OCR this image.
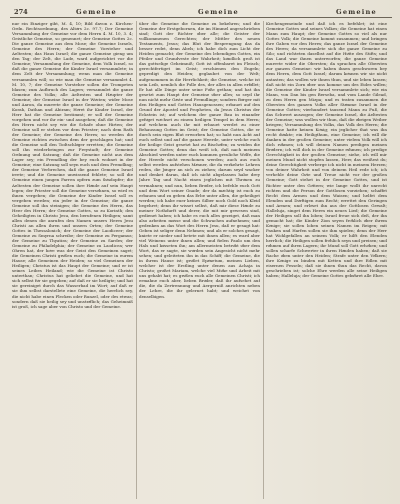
274	Gemeine	Gemeine	Gemeine
nur ein Einziger gibt, M. 4, 10; Bild davon z. Kirchen-Ordn. Rechtsordnung, des Altaͤrs 2c. 97.7; Der Gemeine Versammlung der Gemeine vor dem Herrn 4. M. 10, 3. 4; Geistliche Gemeine, so genennet; der Gemeine Gottes 2c. Die ganze Gemeine aus dem Mose; die Gemeine Israels, Gemeine des Herrn; der Gemeine Vorsteher und Aeltesten; das Haus Israel; die ganze Gemeine gieng um den Tag; der Zelt, die Lade, ward aufgerichtet vor die Gemeine; Versammlung der Gemeine, dem Volk Israel, so daß die ganze Gemeine die Kinder Israel versammlete; in dem Zelt der Versammlung; wenn man die Gemeine versammlen will; so wie man die Gemeine versammlet 4. M. 10, 7; der Gemeine Vorsteher sollen die Trompeten blasen; zum Aufbruch des Lagers; versammlet die ganze Gemeine des Volks; alle Aeltesten und Haͤupter der Gemeine; der Gemeine Israel in der Wuͤsten; wider Mose und Aaron, da murrete die ganze Gemeine; der Gemeine Korah, Dathan und Abiram; Hoͤret ihr Kinder Israel, der Herr hat die Gemeine bestimmt; er soll der Gemeine vorgehen und vor ihr ein- und ausgehen; daß die Gemeine des Herrn nicht sey wie die Schafe ohne Hirten; der Gemeine soll er stehen vor dem Priester; nach dem Rath der Gemeine; der Gemeine des Herrn; so werden die Gemeine richten zwischen dem der geschlagen hat; und die Gemeine soll den Todtschlaͤger erretten; die Gemeine soll ihn wiederbringen zur Freystadt; der Gemeine Ordnung und Satzung; daß die Gemeine nicht aus dem Lager sey; ein Fremdling der bey euch wohnet in der Gemeine; eine Satzung soll seyn euch und dem Fremdling; der Gemeine Verbrechen, daß die ganze Gemeine Israel irrete; und die Gemeine unwissend fehlete; so soll die Gemeine einen jungen Farren opfern zum Suͤndopfer; die Aeltesten der Gemeine sollen ihre Haͤnde auf sein Haupt legen; der Priester soll die Gemeine versoͤhnen, so wird es ihnen vergeben; die Gemeine der Kinder Israel soll es vergeben werden; ein jeder in der Gemeine; die ganze Gemeine soll ihn steinigen; die Gemeine des Herrn, das Heer des Herrn; der Gemeine Gottes, so zu Korinth; den Geheiligten in Christo Jesu, den berufenen Heiligen; samt allen denen die anrufen den Namen unsers Herrn Jesu Christi an allen ihren und unsern Orten; der Gemeine Gottes in Thessalonich; der Gemeine der Laodiceer; der Gemeine zu Smyrna schreibe; der Gemeine zu Pergamus; der Gemeine zu Thyatira; der Gemeine zu Sardes; der Gemeine zu Philadelphia; der Gemeine zu Laodicea; wer Ohren hat, der hoͤre was der Geist den Gemeinen saget; die Gemeinen Christi gruͤßen euch; die Gemeine in eurem Hause; alle Gemeinen der Heiden; so viel Gemeinen der Heiligen; Christus ist das Haupt der Gemeine; und er ist seines Leibes Heiland; wie die Gemeine ist Christo unterthan; Christus hat geliebet die Gemeine, und hat sich selbst fuͤr sie gegeben; auf daß er sie heiligte; und hat sie gereiniget durch das Wasserbad im Wort; auf daß er sie ihm selbst darstellete eine Gemeine, die herrlich sey, die nicht habe einen Flecken oder Runzel, oder des etwas; sondern daß sie heilig sey und unstraͤflich; das Geheimniß ist groß, ich sage aber von Christo und der Gemeine.
über die Gemeine die Gemeine zu bekehren; und die Gemeine der Erstgebornen, die im Himmel angeschrieben sind; Gott der Richter uͤber alle; die Geister der vollkommenen Gerechten; der Mittler des neuen Testaments, Jesus; das Blut der Besprengung das da besser redet, denn Abels; ich habe dich zum Licht der Heiden gemacht; der Gemeine des lebendigen Gottes, ein Pfeiler und Grundveste der Wahrheit; kuͤndlich groß ist das gottselige Geheimniß; Gott ist offenbaret im Fleisch; gerechtfertiget im Geist; erschienen den Engeln; gepredigt den Heiden; geglaubet von der Welt; aufgenommen in die Herrlichkeit; die Gemeine, welche ist sein Leib, nemlich die Fuͤlle des, der alles in allen erfuͤllet; Er hat alle Dinge unter seine Fuͤße gethan; und hat ihn gesetzt zum Haupt der Gemeine uͤber alles; so seyd ihr nun nicht mehr Gaͤste und Fremdlinge; sondern Buͤrger mit den Heiligen und Gottes Hausgenossen; erbauet auf den Grund der Apostel und Propheten, da Jesus Christus der Eckstein ist; auf welchem der ganze Bau in einander gefuͤget waͤchset zu einem heiligen Tempel in dem Herrn; auf welchem auch ihr mit erbauet werdet zu einer Behausung Gottes im Geist; der Gemeine Gottes, die er durch sein eigen Blut erworben hat; so habt nun Acht auf euch selbst und auf die ganze Heerde, unter welche euch der heilige Geist gesetzt hat zu Bischoͤfen; zu weiden die Gemeine Gottes; denn das weiß ich, daß nach meinem Abschied werden unter euch kommen greuliche Woͤlfe, die der Heerde nicht verschonen werden; auch aus euch selbst werden aufstehen Maͤnner, die da verkehrte Lehren reden, die Juͤnger an sich zu ziehen; darum seyd wacker und denket daran, daß ich nicht abgelassen habe drey Jahre Tag und Nacht einen jeglichen mit Thraͤnen zu vermahnen; und nun, lieben Bruͤder, ich befehle euch Gott und dem Wort seiner Gnade; der da maͤchtig ist euch zu erbauen und zu geben das Erbe unter allen, die geheiliget werden; ich habe euer keines Silber noch Gold noch Kleid begehret; denn ihr wisset selbst, daß mir diese Haͤnde zu meiner Nothdurft und derer, die mit mir gewesen sind, gedienet haben; ich habe es euch alles gezeiget, daß man also arbeiten muͤsse und die Schwachen aufnehmen; und gedenken an das Wort des Herrn Jesu, daß er gesagt hat: Geben ist seliger denn Nehmen; und als er solches gesagt, kniete er nieder und betete mit ihnen allen; es ward aber viel Weinens unter ihnen allen; und fielen Paulo um den Hals und kuͤsseten ihn; am allermeisten betruͤbt uͤber dem Wort, das er sagte, sie wuͤrden sein Angesicht nicht mehr sehen; und geleiteten ihn in das Schiff; die Gemeine, die in ihrem Hause ist; gruͤßet Epaͤnetum, meinen Lieben, welcher ist der Erstling unter denen aus Achaja in Christo; gruͤßet Mariam, welche viel Muͤhe und Arbeit mit uns gehabt hat; es gruͤßen euch alle Gemeinen Christi; ich ermahne euch aber, lieben Bruͤder, daß ihr aufsehet auf die, die da Zertrennung und Aergerniß anrichten neben der Lehre, die ihr gelernet habt; und weichet von denselbigen.
Kirchengemeinde und daß ich es befehlet; ist eine Gemeine Gottes und seines Volkes; die Gemeine hat einen Mann zum Haupt; der Gemeine Gottes so viel als nur Gottes Volk; die Gemeine kommt zusammen; und bringen ihre Gaben vor den Herrn; das ganze Israel der Gemeine des Herrn; da versammlete sich die ganze Gemeine zu Silo; und richteten daselbst auf die Huͤtte des Stifts; und das Land war ihnen unterworfen; die ganze Gemeine murrete wider die Obersten; da sprachen alle Obersten zur ganzen Gemeine: wir haben ihnen geschworen bey dem Herrn, dem Gott Israel; darum koͤnnen wir sie nicht antasten; das wollen wir ihnen thun, und sie leben lassen; daß nicht ein Zorn uͤber uns komme um des Eides willen; die Gemeine der Kinder Israel versammlete sich; wie ein Mann, von Dan bis gen Berseba, und vom Lande Gilead, zu dem Herrn gen Mizpa; und es traten zusammen die Obersten des ganzen Volks aller Staͤmme Israel in der Gemeine Gottes; vierhundert tausend Mann zu Fuß, die das Schwert auszogen; der Gemeine Israel, die Aeltesten der Gemeine; was wollen wir thun, daß die uͤbrigen Weiber kriegen; Versammlung des Volks, das Volk des Herrn; die Gemeine hatte keinen Koͤnig; ein jeglicher that was ihn recht duͤnkte; ein Heiligthum, eine Gemeine; ich will dir danken in der großen Gemeine; unter vielem Volk will ich dich ruͤhmen; ich will deinen Namen predigen meinen Bruͤdern; ich will dich in der Gemeine ruͤhmen; ich predige Gerechtigkeit in der großen Gemeine; siehe, ich will mir meinen Mund nicht stopfen lassen, Herr, das weißest du; deine Gerechtigkeit verberge ich nicht in meinem Herzen; von deiner Wahrheit und von deinem Heil rede ich; ich verhehle deine Guͤte und Treue nicht vor der großen Gemeine; Gott stehet in der Gemeine Gottes, und ist Richter unter den Goͤttern; wie lange wollt ihr unrecht richten und die Person der Gottlosen vorziehen; schaffet Recht dem Armen und dem Waisen; und helfet dem Elenden und Duͤrftigen zum Recht; errettet den Geringen und Armen; und erloͤset ihn aus der Gottlosen Gewalt; Halleluja, singet dem Herrn ein neues Lied; die Gemeine der Heiligen soll ihn loben; Israel freue sich deß, der ihn gemacht hat; die Kinder Zion seyen froͤhlich uͤber ihrem Koͤnige; sie sollen loben seinen Namen im Reigen; mit Pauken und Harfen sollen sie ihm spielen; denn der Herr hat Wohlgefallen an seinem Volk; er hilft den Elenden herrlich; die Heiligen sollen froͤhlich seyn und preisen; und ruͤhmen auf ihren Lagern; ihr Mund soll Gott erhoͤhen; und sollen scharfe Schwerter in ihren Haͤnden haben; daß sie Rache uͤben unter den Heiden; Strafe unter den Voͤlkern; ihre Koͤnige zu binden mit Ketten und ihre Edlen mit eisernen Fesseln; daß sie ihnen thun das Recht, davon geschrieben ist; solche Ehre werden alle seine Heiligen haben; Halleluja; der Gemeine Gottes gebuͤhret alle Ehre.
